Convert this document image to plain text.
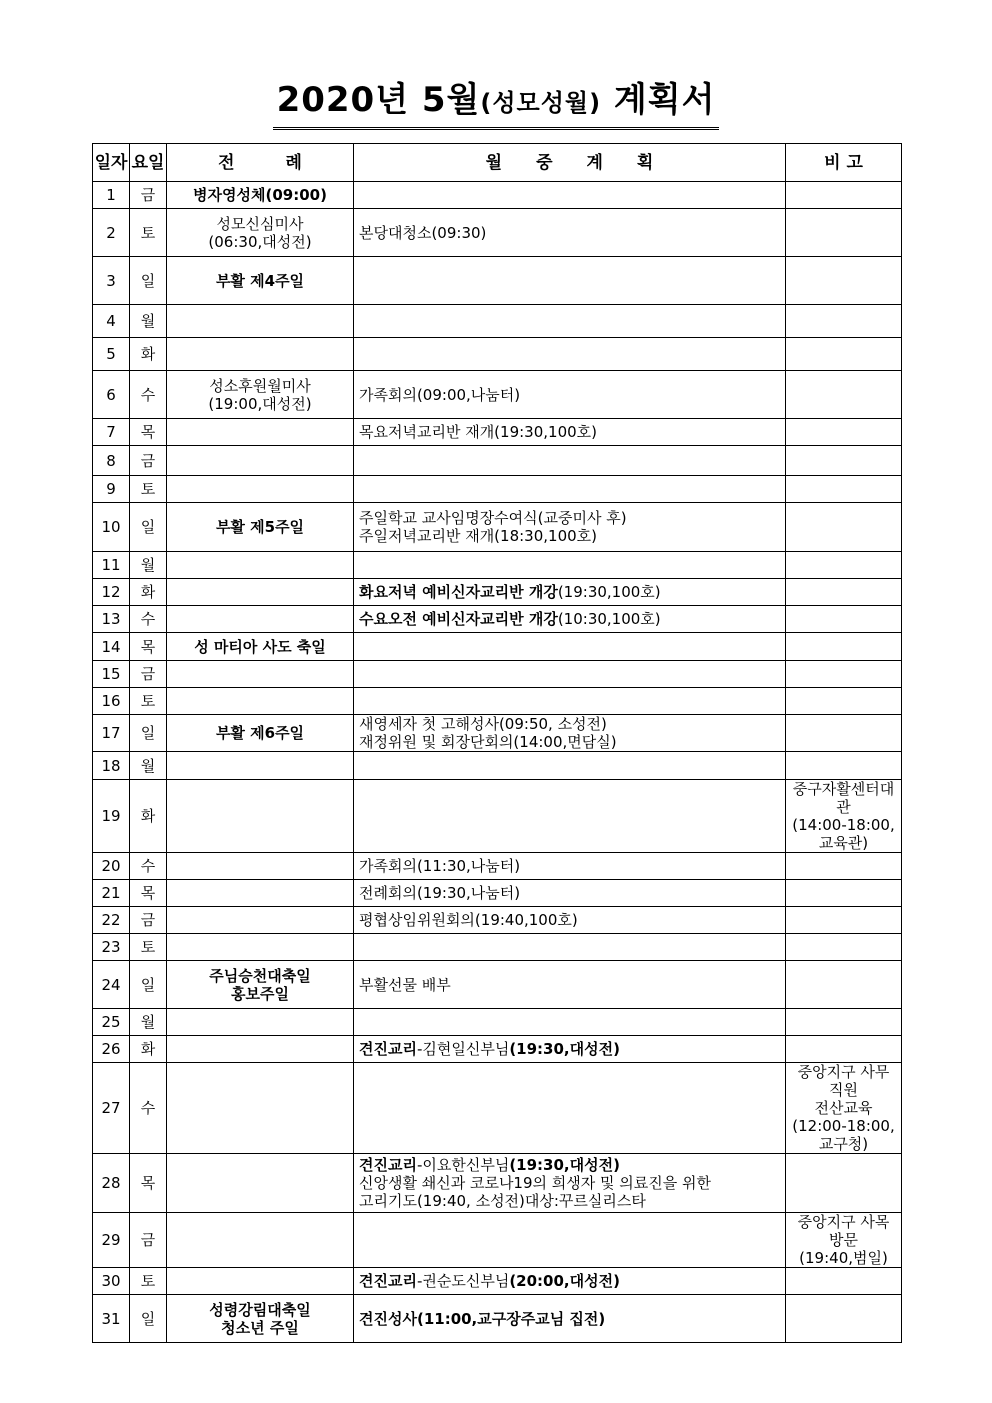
2020년 5월(성모성월) 계획서
일자	요일	전　　　례	월　　중　　계　　획	비 고
1	금	병자영성체(09:00)		
2	토	성모신심미사
(06:30,대성전)	본당대청소(09:30)	

3	일	부활 제4주일		
4	월			
5	화			
6	수	성소후원월미사
(19:00,대성전)	가족회의(09:00,나눔터)	

7	목		목요저녁교리반 재개(19:30,100호)	

8	금			
9	토			
10	일	부활 제5주일	주일학교 교사임명장수여식(교중미사 후)
주일저녁교리반 재개(18:30,100호)	

11	월			
12	화		화요저녁 예비신자교리반 개강(19:30,100호)	

13	수		수요오전 예비신자교리반 개강(10:30,100호)	

14	목	성 마티아 사도 축일		
15	금			
16	토			
17	일	부활 제6주일	새영세자 첫 고해성사(09:50, 소성전)
재정위원 및 회장단회의(14:00,면담실)	

18	월			
19	화			중구자활센터대관
(14:00-18:00,교육관)

20	수		가족회의(11:30,나눔터)	

21	목		전례회의(19:30,나눔터)	

22	금		평협상임위원회의(19:40,100호)	

23	토			
24	일	주님승천대축일
홍보주일	부활선물 배부	

25	월			
26	화		견진교리-김현일신부님(19:30,대성전)	

27	수			중앙지구 사무직원
전산교육
(12:00-18:00,교구청)

28	목		견진교리-이요한신부님(19:30,대성전)
신앙생활 쇄신과 코로나19의 희생자 및 의료진을 위한
고리기도(19:40, 소성전)대상:꾸르실리스타	

29	금			중앙지구 사목방문
(19:40,범일)

30	토		견진교리-권순도신부님(20:00,대성전)	

31	일	성령강림대축일
청소년 주일	견진성사(11:00,교구장주교님 집전)	
